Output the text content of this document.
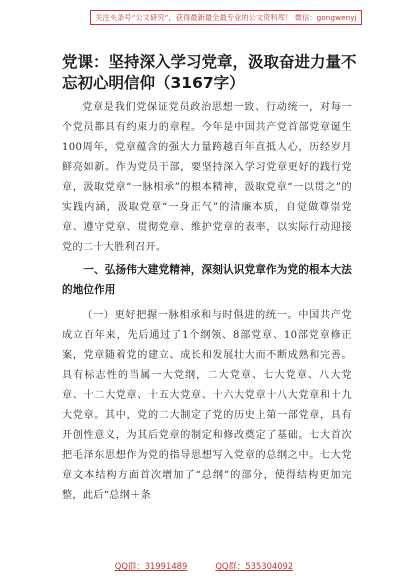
关注头条号“公文研究”，获得最新最全最专业的公文资料库！ 微信：gongwenyj
党课：坚持深入学习党章，汲取奋进力量不忘初心明信仰（3167字）

党章是我们党保证党员政治思想一致、行动统一，对每一个党员都具有约束力的章程。今年是中国共产党首部党章诞生100周年，党章蕴含的强大力量跨越百年直抵人心，历经岁月鲜亮如新。作为党员干部，要坚持深入学习党章更好的践行党章，汲取党章“一脉相承”的根本精神，汲取党章“一以贯之”的实践内涵，汲取党章“一身正气”的清廉本质，自觉做尊崇党章、遵守党章、贯彻党章、维护党章的表率，以实际行动迎接党的二十大胜利召开。

一、弘扬伟大建党精神，深刻认识党章作为党的根本大法的地位作用

（一）更好把握一脉相承和与时俱进的统一。中国共产党成立百年来，先后通过了1个纲领、8部党章、10部党章修正案，党章随着党的建立、成长和发展壮大而不断成熟和完善。具有标志性的当属一大党纲，二大党章、七大党章、八大党章、十二大党章、十五大党章、十六大党章十八大党章和十九大党章。其中，党的二大制定了党的历史上第一部党章，具有开创性意义，为其后党章的制定和修改奠定了基础。七大首次把毛泽东思想作为党的指导思想写入党章的总纲之中。七大党章文本结构方面首次增加了“总纲”的部分，使得结构更加完整，此后“总纲＋条

QQ群：31991489	QQ群：535304092
